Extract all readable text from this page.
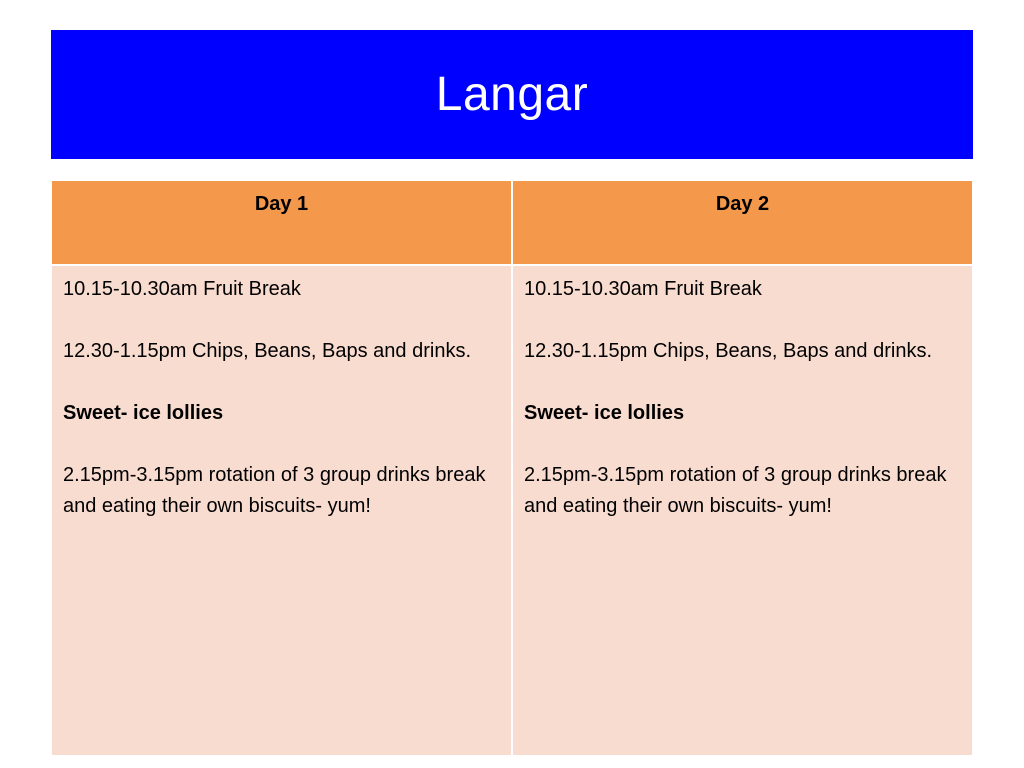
Langar
Day 1	Day 2

10.15-10.30am Fruit Break

12.30-1.15pm Chips, Beans, Baps and drinks.

Sweet- ice lollies

2.15pm-3.15pm rotation of 3 group drinks break and eating their own biscuits- yum!

10.15-10.30am Fruit Break

12.30-1.15pm Chips, Beans, Baps and drinks.

Sweet- ice lollies

2.15pm-3.15pm rotation of 3 group drinks break and eating their own biscuits- yum!
